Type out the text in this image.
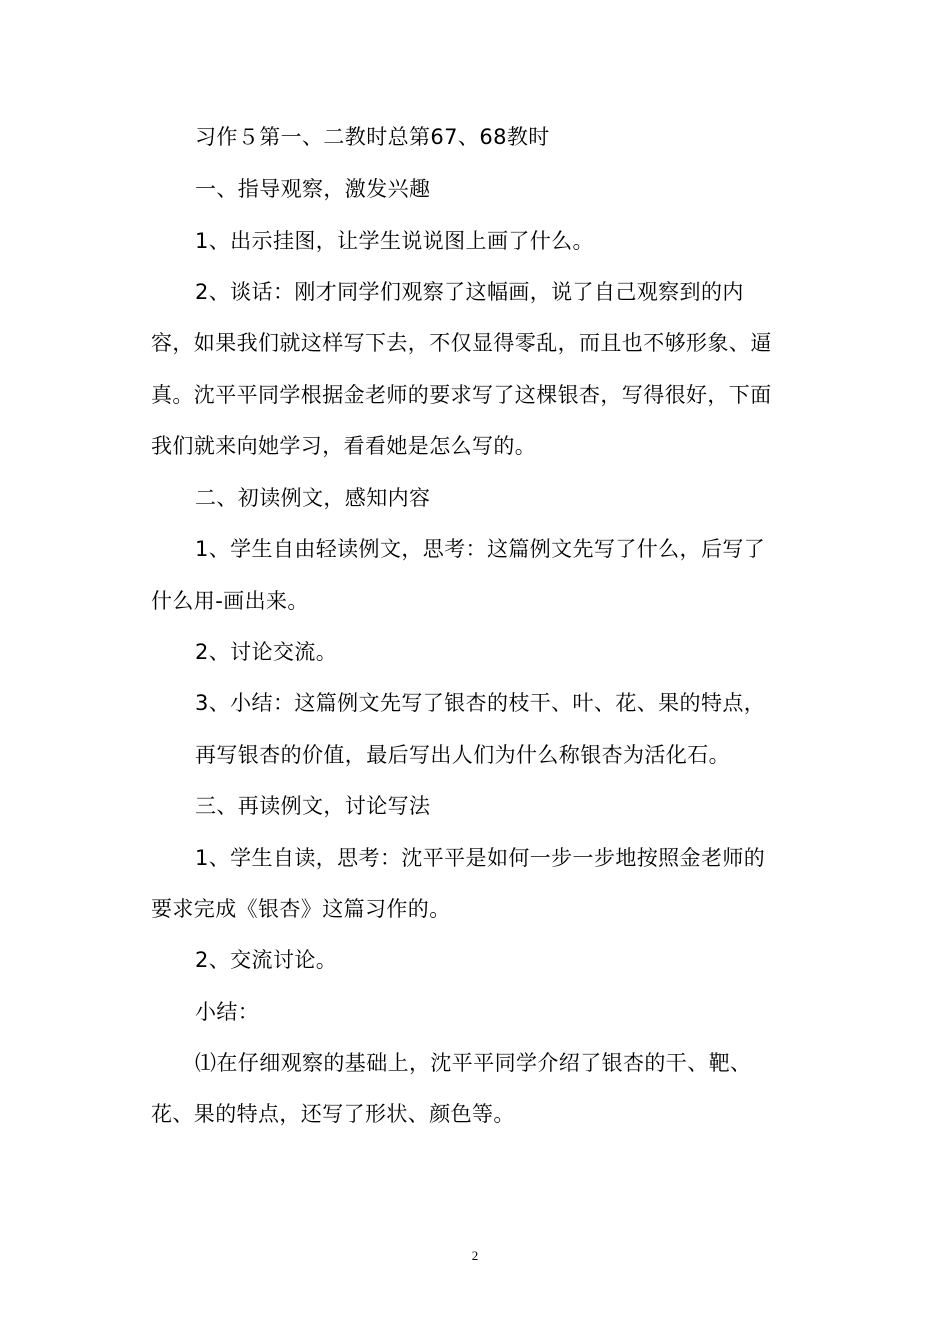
习作５第一、二教时总第67、68教时
一、指导观察，激发兴趣
1、出示挂图，让学生说说图上画了什么。
2、谈话：刚才同学们观察了这幅画，说了自己观察到的内
容，如果我们就这样写下去，不仅显得零乱，而且也不够形象、逼
真。沈平平同学根据金老师的要求写了这棵银杏，写得很好，下面
我们就来向她学习，看看她是怎么写的。
二、初读例文，感知内容
1、学生自由轻读例文，思考：这篇例文先写了什么，后写了
什么用-画出来。
2、讨论交流。
3、小结：这篇例文先写了银杏的枝干、叶、花、果的特点，
再写银杏的价值，最后写出人们为什么称银杏为活化石。
三、再读例文，讨论写法
1、学生自读，思考：沈平平是如何一步一步地按照金老师的
要求完成《银杏》这篇习作的。
2、交流讨论。
小结：
⑴在仔细观察的基础上，沈平平同学介绍了银杏的干、靶、
花、果的特点，还写了形状、颜色等。
2
